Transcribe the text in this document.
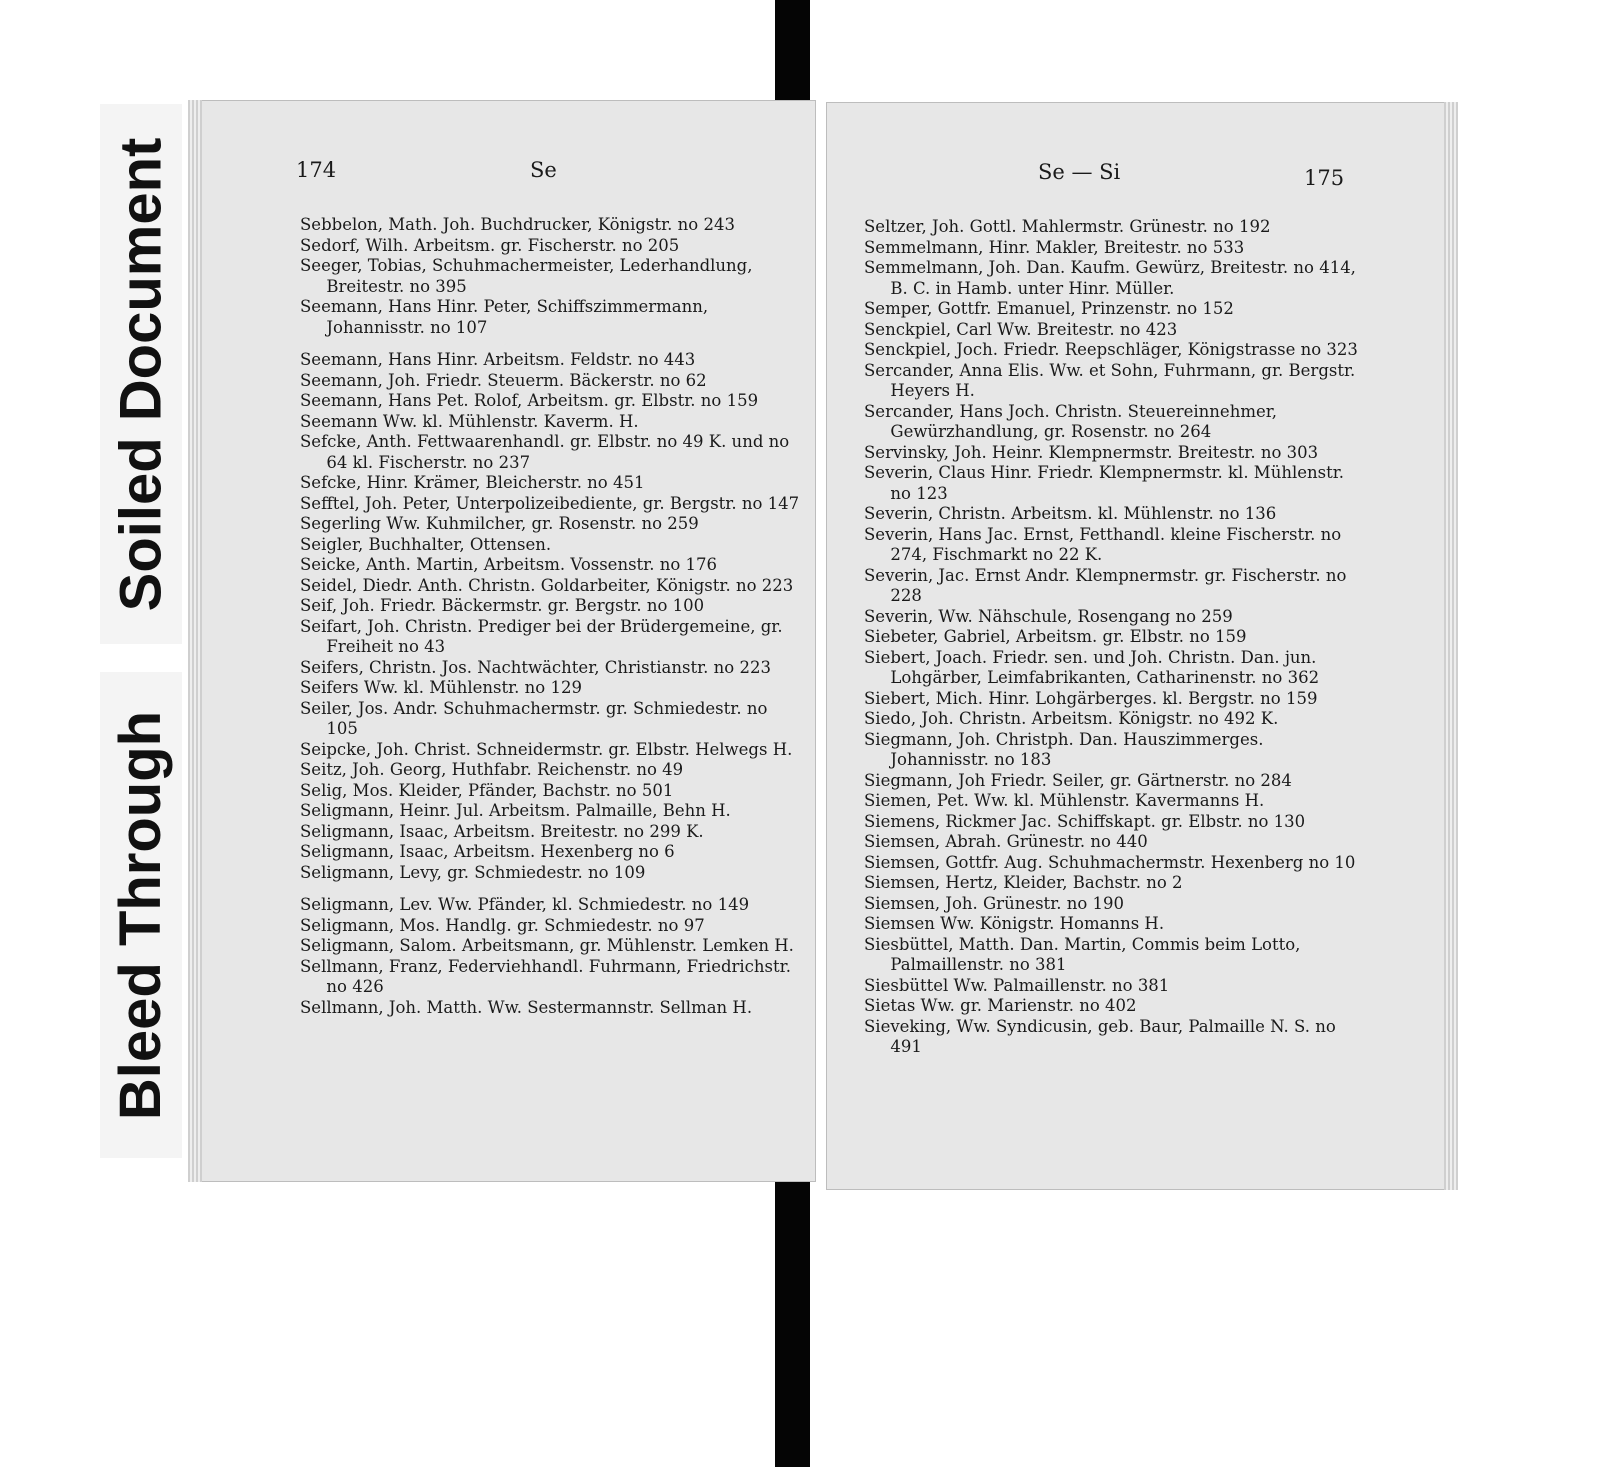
Soiled Document
Bleed Through
174	Se
Sebbelon, Math. Joh. Buchdrucker, Königstr. no 243
Sedorf, Wilh. Arbeitsm. gr. Fischerstr. no 205
Seeger, Tobias, Schuhmachermeister, Lederhandlung, Breitestr. no 395
Seemann, Hans Hinr. Peter, Schiffszimmermann, Johannisstr. no 107
Seemann, Hans Hinr. Arbeitsm. Feldstr. no 443
Seemann, Joh. Friedr. Steuerm. Bäckerstr. no 62
Seemann, Hans Pet. Rolof, Arbeitsm. gr. Elbstr. no 159
Seemann Ww. kl. Mühlenstr. Kaverm. H.
Sefcke, Anth. Fettwaarenhandl. gr. Elbstr. no 49 K. und no 64 kl. Fischerstr. no 237
Sefcke, Hinr. Krämer, Bleicherstr. no 451
Sefftel, Joh. Peter, Unterpolizeibediente, gr. Bergstr. no 147
Segerling Ww. Kuhmilcher, gr. Rosenstr. no 259
Seigler, Buchhalter, Ottensen.
Seicke, Anth. Martin, Arbeitsm. Vossenstr. no 176
Seidel, Diedr. Anth. Christn. Goldarbeiter, Königstr. no 223
Seif, Joh. Friedr. Bäckermstr. gr. Bergstr. no 100
Seifart, Joh. Christn. Prediger bei der Brüdergemeine, gr. Freiheit no 43
Seifers, Christn. Jos. Nachtwächter, Christianstr. no 223
Seifers Ww. kl. Mühlenstr. no 129
Seiler, Jos. Andr. Schuhmachermstr. gr. Schmiedestr. no 105
Seipcke, Joh. Christ. Schneidermstr. gr. Elbstr. Helwegs H.
Seitz, Joh. Georg, Huthfabr. Reichenstr. no 49
Selig, Mos. Kleider, Pfänder, Bachstr. no 501
Seligmann, Heinr. Jul. Arbeitsm. Palmaille, Behn H.
Seligmann, Isaac, Arbeitsm. Breitestr. no 299 K.
Seligmann, Isaac, Arbeitsm. Hexenberg no 6
Seligmann, Levy, gr. Schmiedestr. no 109
Seligmann, Lev. Ww. Pfänder, kl. Schmiedestr. no 149
Seligmann, Mos. Handlg. gr. Schmiedestr. no 97
Seligmann, Salom. Arbeitsmann, gr. Mühlenstr. Lemken H.
Sellmann, Franz, Federviehhandl. Fuhrmann, Friedrichstr. no 426
Sellmann, Joh. Matth. Ww. Sestermannstr. Sellman H.
Se — Si	175
Seltzer, Joh. Gottl. Mahlermstr. Grünestr. no 192
Semmelmann, Hinr. Makler, Breitestr. no 533
Semmelmann, Joh. Dan. Kaufm. Gewürz, Breitestr. no 414, B. C. in Hamb. unter Hinr. Müller.
Semper, Gottfr. Emanuel, Prinzenstr. no 152
Senckpiel, Carl Ww. Breitestr. no 423
Senckpiel, Joch. Friedr. Reepschläger, Königstrasse no 323
Sercander, Anna Elis. Ww. et Sohn, Fuhrmann, gr. Bergstr. Heyers H.
Sercander, Hans Joch. Christn. Steuereinnehmer, Gewürzhandlung, gr. Rosenstr. no 264
Servinsky, Joh. Heinr. Klempnermstr. Breitestr. no 303
Severin, Claus Hinr. Friedr. Klempnermstr. kl. Mühlenstr. no 123
Severin, Christn. Arbeitsm. kl. Mühlenstr. no 136
Severin, Hans Jac. Ernst, Fetthandl. kleine Fischerstr. no 274, Fischmarkt no 22 K.
Severin, Jac. Ernst Andr. Klempnermstr. gr. Fischerstr. no 228
Severin, Ww. Nähschule, Rosengang no 259
Siebeter, Gabriel, Arbeitsm. gr. Elbstr. no 159
Siebert, Joach. Friedr. sen. und Joh. Christn. Dan. jun. Lohgärber, Leimfabrikanten, Catharinenstr. no 362
Siebert, Mich. Hinr. Lohgärberges. kl. Bergstr. no 159
Siedo, Joh. Christn. Arbeitsm. Königstr. no 492 K.
Siegmann, Joh. Christph. Dan. Hauszimmerges. Johannisstr. no 183
Siegmann, Joh Friedr. Seiler, gr. Gärtnerstr. no 284
Siemen, Pet. Ww. kl. Mühlenstr. Kavermanns H.
Siemens, Rickmer Jac. Schiffskapt. gr. Elbstr. no 130
Siemsen, Abrah. Grünestr. no 440
Siemsen, Gottfr. Aug. Schuhmachermstr. Hexenberg no 10
Siemsen, Hertz, Kleider, Bachstr. no 2
Siemsen, Joh. Grünestr. no 190
Siemsen Ww. Königstr. Homanns H.
Siesbüttel, Matth. Dan. Martin, Commis beim Lotto, Palmaillenstr. no 381
Siesbüttel Ww. Palmaillenstr. no 381
Sietas Ww. gr. Marienstr. no 402
Sieveking, Ww. Syndicusin, geb. Baur, Palmaille N. S. no 491
